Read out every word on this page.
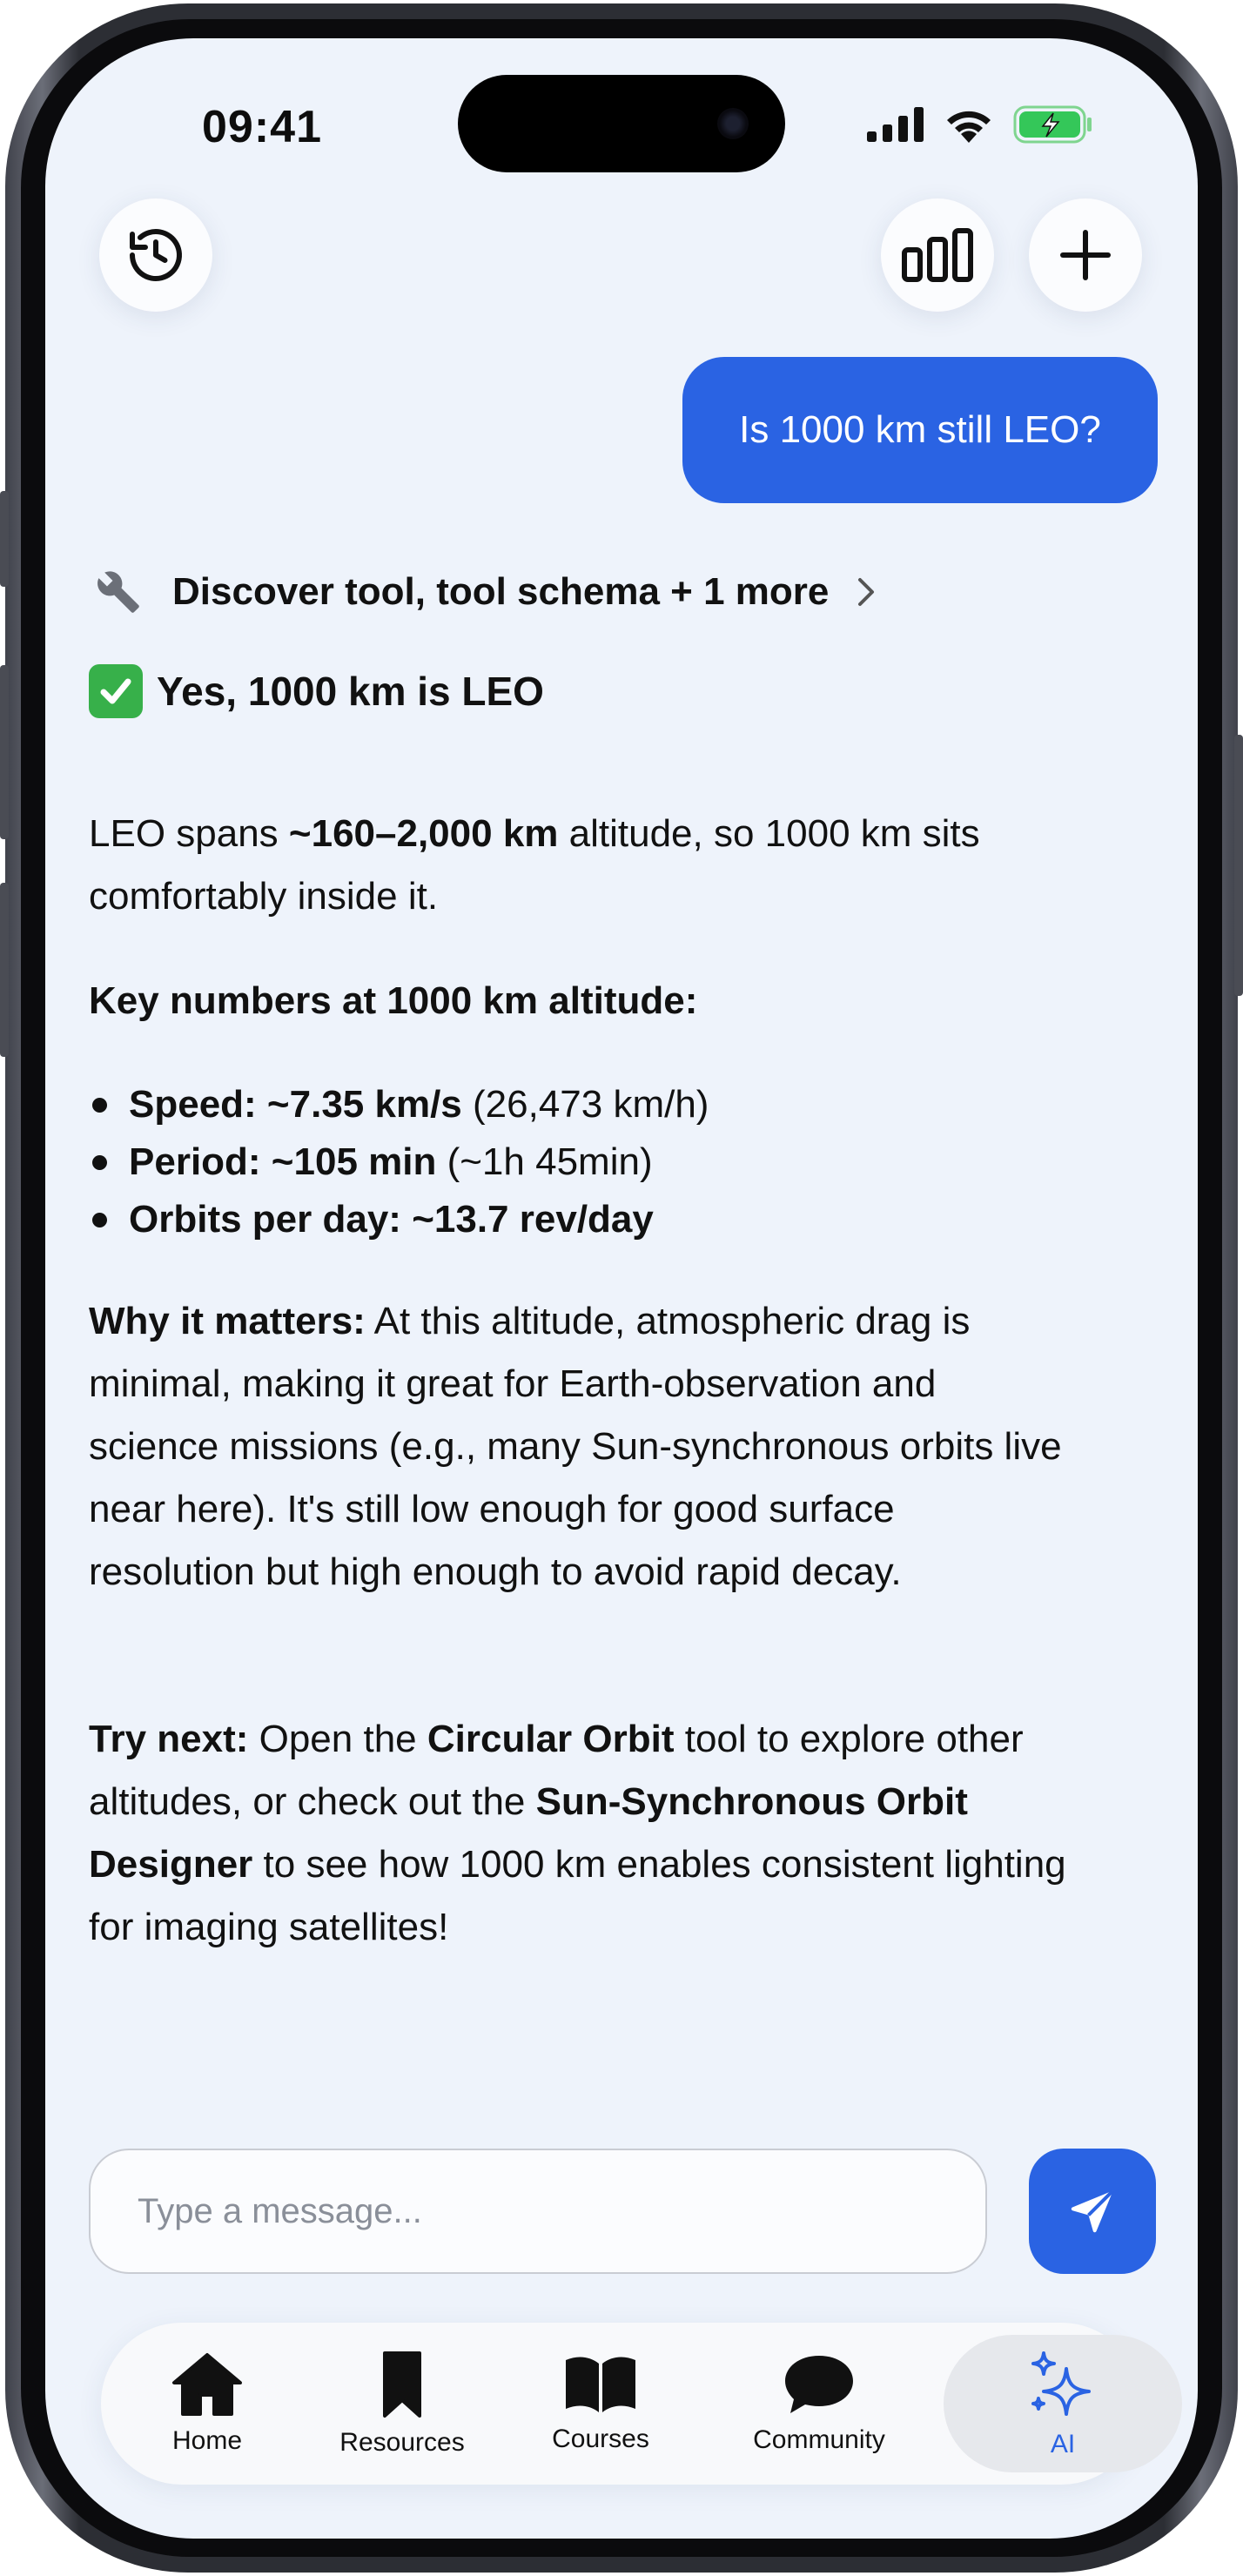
09:41
Is 1000 km still LEO?
Discover tool, tool schema + 1 more
Yes, 1000 km is LEO
LEO spans ~160–2,000 km altitude, so 1000 km sits comfortably inside it.
Key numbers at 1000 km altitude:
Speed: ~7.35 km/s (26,473 km/h)
Period: ~105 min (~1h 45min)
Orbits per day: ~13.7 rev/day
Why it matters: At this altitude, atmospheric drag is minimal, making it great for Earth-observation and science missions (e.g., many Sun-synchronous orbits live near here). It's still low enough for good surface resolution but high enough to avoid rapid decay.
Try next: Open the Circular Orbit tool to explore other altitudes, or check out the Sun-Synchronous Orbit Designer to see how 1000 km enables consistent lighting for imaging satellites!
Type a message...
Home	Resources	Courses	Community	AI
